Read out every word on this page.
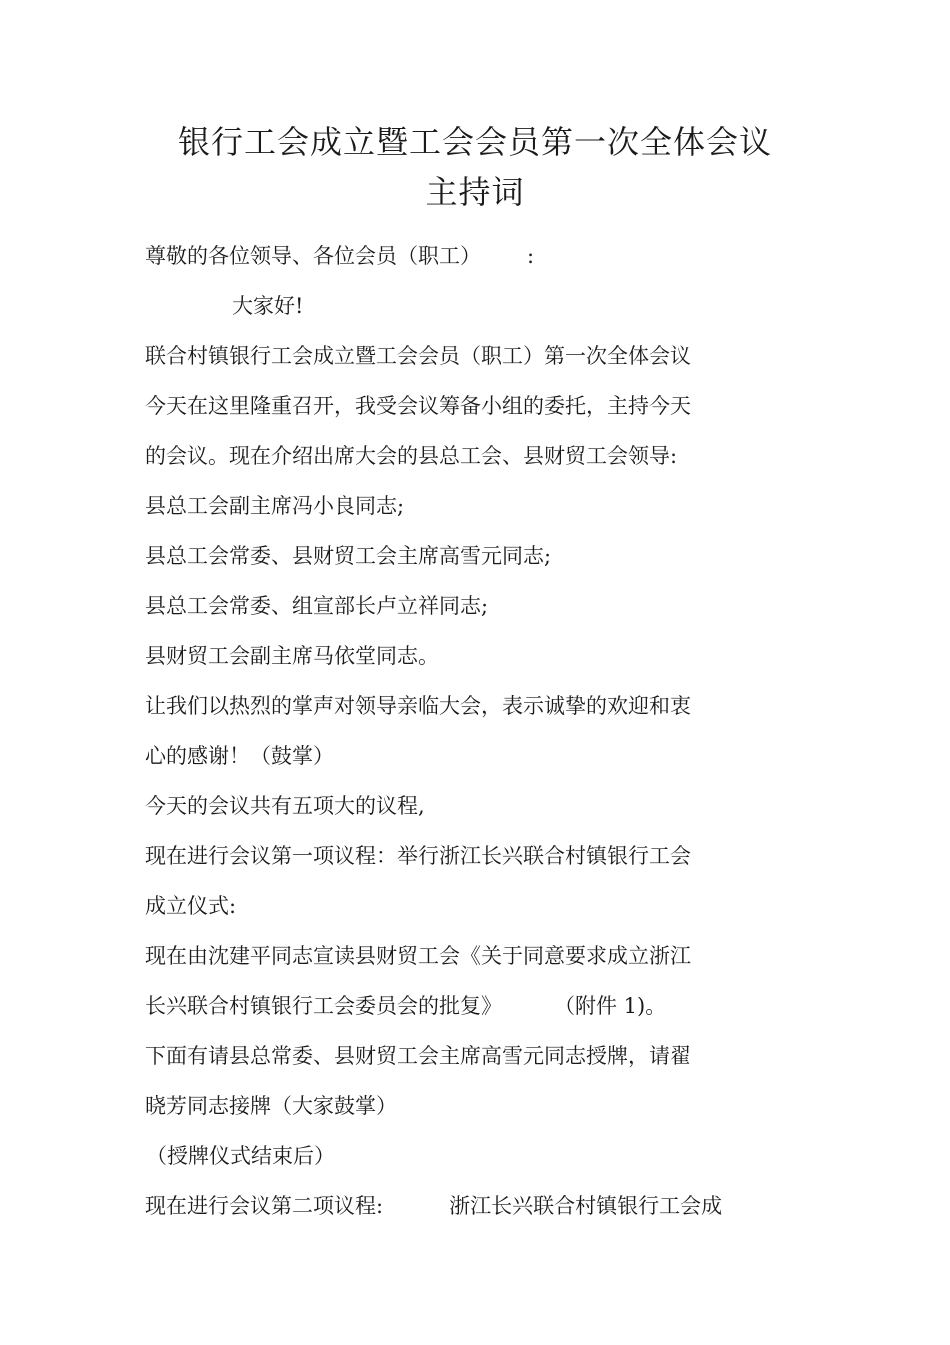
银行工会成立暨工会会员第一次全体会议
主持词
尊敬的各位领导、各位会员（职工） :
大家好!
联合村镇银行工会成立暨工会会员（职工）第一次全体会议
今天在这里隆重召开，我受会议筹备小组的委托，主持今天
的会议。现在介绍出席大会的县总工会、县财贸工会领导:
县总工会副主席冯小良同志;
县总工会常委、县财贸工会主席高雪元同志;
县总工会常委、组宣部长卢立祥同志;
县财贸工会副主席马依堂同志。
让我们以热烈的掌声对领导亲临大会，表示诚挚的欢迎和衷
心的感谢！（鼓掌）
今天的会议共有五项大的议程,
现在进行会议第一项议程：举行浙江长兴联合村镇银行工会
成立仪式:
现在由沈建平同志宣读县财贸工会《关于同意要求成立浙江
长兴联合村镇银行工会委员会的批复》 （附件 1)。
下面有请县总常委、县财贸工会主席高雪元同志授牌，请翟
晓芳同志接牌（大家鼓掌）
（授牌仪式结束后）
现在进行会议第二项议程:	浙江长兴联合村镇银行工会成
